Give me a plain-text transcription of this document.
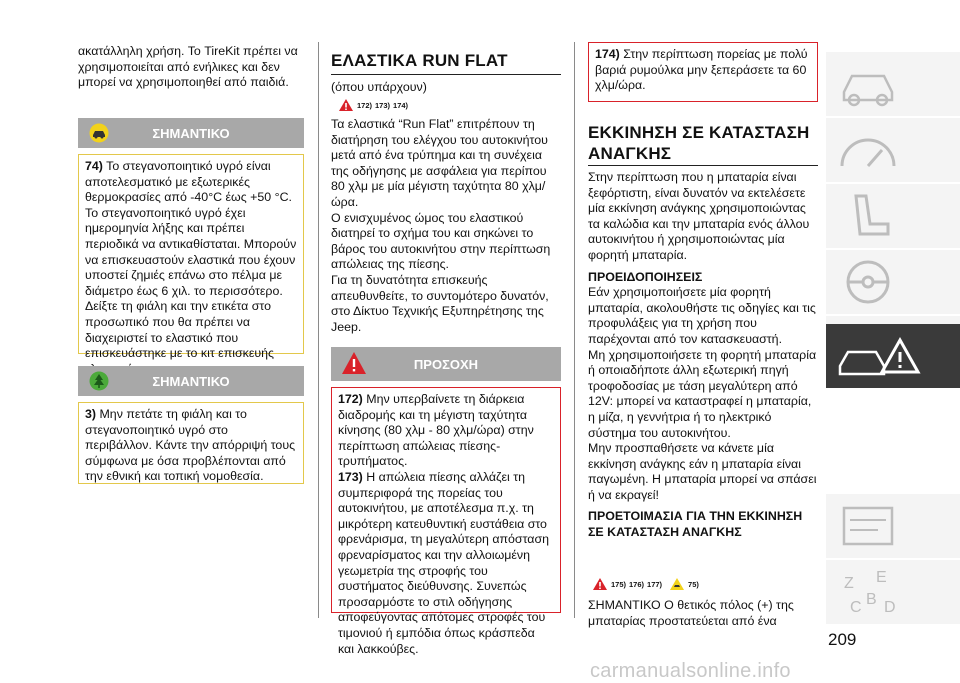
ακατάλληλη χρήση. Το TireKit πρέπει να χρησιμοποιείται από ενήλικες και δεν μπορεί να χρησιμοποιηθεί από παιδιά.

ΣΗΜΑΝΤΙΚΟ

74) Το στεγανοποιητικό υγρό είναι αποτελεσματικό με εξωτερικές θερμοκρασίες από -40°C έως +50 °C. Το στεγανοποιητικό υγρό έχει ημερομηνία λήξης και πρέπει περιοδικά να αντικαθίσταται. Μπορούν να επισκευαστούν ελαστικά που έχουν υποστεί ζημιές επάνω στο πέλμα με διάμετρο έως 6 χιλ. το περισσότερο. Δείξτε τη φιάλη και την ετικέτα στο προσωπικό που θα πρέπει να διαχειριστεί το ελαστικό που επισκευάστηκε με το κιτ επισκευής

ΣΗΜΑΝΤΙΚΟ

3) Μην πετάτε τη φιάλη και το στεγανοποιητικό υγρό στο περιβάλλον. Κάντε την απόρριψή τους σύμφωνα με όσα προβλέπονται από την εθνική και τοπική νομοθεσία.

ΕΛΑΣΤΙΚΑ RUN FLAT

(όπου υπάρχουν)

172) 173) 174)

Τα ελαστικά “Run Flat” επιτρέπουν τη διατήρηση του ελέγχου του αυτοκινήτου μετά από ένα τρύπημα και τη συνέχεια της οδήγησης με ασφάλεια για περίπου 80 χλμ με μία μέγιστη ταχύτητα 80 χλμ/ώρα.

Ο ενισχυμένος ώμος του ελαστικού διατηρεί το σχήμα του και σηκώνει το βάρος του αυτοκινήτου στην περίπτωση απώλειας της πίεσης.

Για τη δυνατότητα επισκευής απευθυνθείτε, το συντομότερο δυνατόν, στο Δίκτυο Τεχνικής Εξυπηρέτησης της Jeep.

ΠΡΟΣΟΧΗ

172) Μην υπερβαίνετε τη διάρκεια διαδρομής και τη μέγιστη ταχύτητα κίνησης (80 χλμ - 80 χλμ/ώρα) στην περίπτωση απώλειας πίεσης-τρυπήματος.

173) Η απώλεια πίεσης αλλάζει τη συμπεριφορά της πορείας του αυτοκινήτου, με αποτέλεσμα π.χ. τη μικρότερη κατευθυντική ευστάθεια στο φρενάρισμα, τη μεγαλύτερη απόσταση φρεναρίσματος και την αλλοιωμένη γεωμετρία της στροφής του συστήματος διεύθυνσης. Συνεπώς προσαρμόστε το στιλ οδήγησης αποφεύγοντας απότομες στροφές του τιμονιού ή εμπόδια όπως κράσπεδα και λακκούβες.

174) Στην περίπτωση πορείας με πολύ βαριά ρυμούλκα μην ξεπεράσετε τα 60 χλμ/ώρα.

ΕΚΚΙΝΗΣΗ ΣΕ ΚΑΤΑΣΤΑΣΗ ΑΝΑΓΚΗΣ

Στην περίπτωση που η μπαταρία είναι ξεφόρτιστη, είναι δυνατόν να εκτελέσετε μία εκκίνηση ανάγκης χρησιμοποιώντας τα καλώδια και την μπαταρία ενός άλλου αυτοκινήτου ή χρησιμοποιώντας μία φορητή μπαταρία.

ΠΡΟΕΙΔΟΠΟΙΗΣΕΙΣ

Εάν χρησιμοποιήσετε μία φορητή μπαταρία, ακολουθήστε τις οδηγίες και τις προφυλάξεις για τη χρήση που παρέχονται από τον κατασκευαστή.

Μη χρησιμοποιήσετε τη φορητή μπαταρία ή οποιαδήποτε άλλη εξωτερική πηγή τροφοδοσίας με τάση μεγαλύτερη από 12V: μπορεί να καταστραφεί η μπαταρία, η μίζα, η γεννήτρια ή το ηλεκτρικό σύστημα του αυτοκινήτου.

Μην προσπαθήσετε να κάνετε μία εκκίνηση ανάγκης εάν η μπαταρία είναι παγωμένη. Η μπαταρία μπορεί να σπάσει ή να εκραγεί!

ΠΡΟΕΤΟΙΜΑΣΙΑ ΓΙΑ ΤΗΝ ΕΚΚΙΝΗΣΗ ΣΕ ΚΑΤΑΣΤΑΣΗ ΑΝΑΓΚΗΣ

175) 176) 177)	75)

ΣΗΜΑΝΤΙΚΟ Ο θετικός πόλος (+) της μπαταρίας προστατεύεται από ένα

Z E
C B D
209
carmanualsonline.info
